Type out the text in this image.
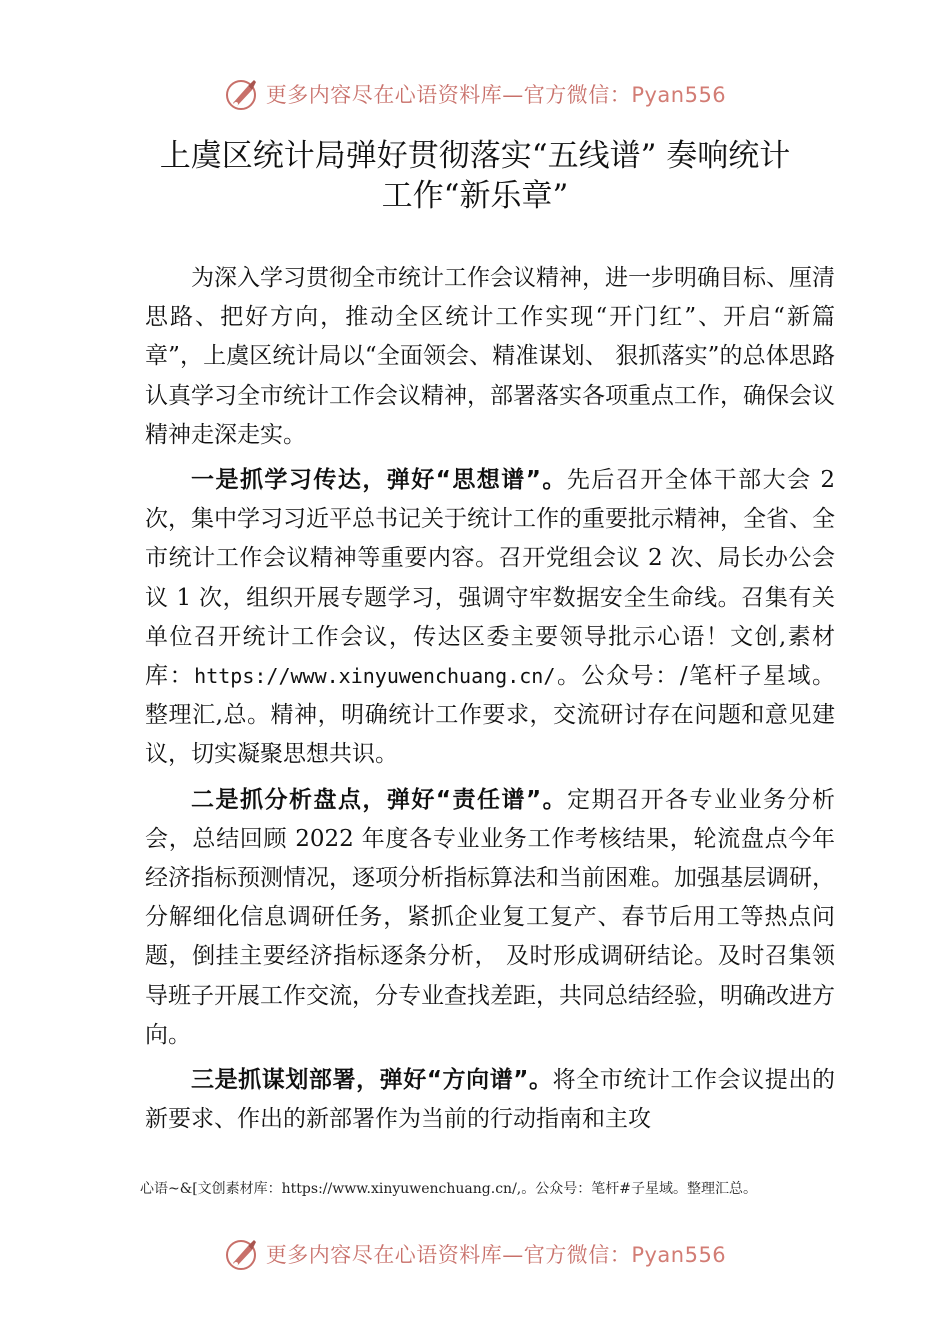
更多内容尽在心语资料库—官方微信：Pyan556
上虞区统计局弹好贯彻落实“五线谱” 奏响统计
工作“新乐章”

为深入学习贯彻全市统计工作会议精神，进一步明确目标、厘清思路、把好方向，推动全区统计工作实现“开门红”、开启“新篇章”，上虞区统计局以“全面领会、精准谋划、 狠抓落实”的总体思路认真学习全市统计工作会议精神，部署落实各项重点工作，确保会议精神走深走实。

一是抓学习传达，弹好“思想谱”。先后召开全体干部大会 2 次，集中学习习近平总书记关于统计工作的重要批示精神，全省、全市统计工作会议精神等重要内容。召开党组会议 2 次、局长办公会议 1 次，组织开展专题学习，强调守牢数据安全生命线。召集有关单位召开统计工作会议，传达区委主要领导批示心语！文创,素材库：https://www.xinyuwenchuang.cn/。公众号：/笔杆子星域。整理汇,总。精神，明确统计工作要求，交流研讨存在问题和意见建议，切实凝聚思想共识。

二是抓分析盘点，弹好“责任谱”。定期召开各专业业务分析会，总结回顾 2022 年度各专业业务工作考核结果，轮流盘点今年经济指标预测情况，逐项分析指标算法和当前困难。加强基层调研，分解细化信息调研任务，紧抓企业复工复产、春节后用工等热点问题，倒挂主要经济指标逐条分析， 及时形成调研结论。及时召集领导班子开展工作交流，分专业查找差距，共同总结经验，明确改进方向。

三是抓谋划部署，弹好“方向谱”。将全市统计工作会议提出的新要求、作出的新部署作为当前的行动指南和主攻

心语~&[文创素材库：https://www.xinyuwenchuang.cn/,。公众号：笔杆#子星域。整理汇总。
更多内容尽在心语资料库—官方微信：Pyan556
